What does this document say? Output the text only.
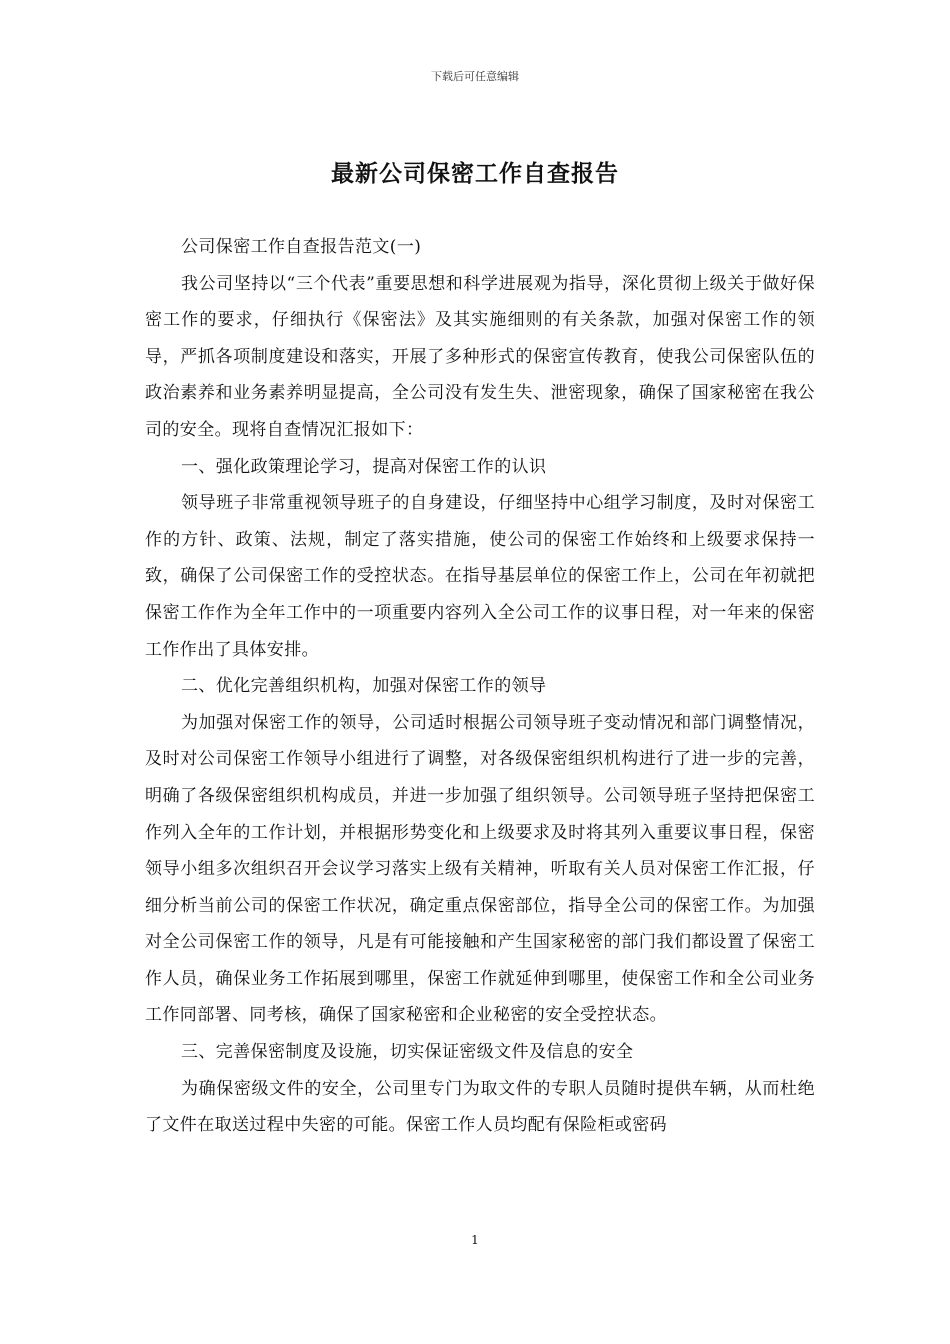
下载后可任意编辑
最新公司保密工作自查报告

公司保密工作自查报告范文(一)

我公司坚持以“三个代表”重要思想和科学进展观为指导，深化贯彻上级关于做好保密工作的要求，仔细执行《保密法》及其实施细则的有关条款，加强对保密工作的领导，严抓各项制度建设和落实，开展了多种形式的保密宣传教育，使我公司保密队伍的政治素养和业务素养明显提高，全公司没有发生失、泄密现象，确保了国家秘密在我公司的安全。现将自查情况汇报如下：

一、强化政策理论学习，提高对保密工作的认识

领导班子非常重视领导班子的自身建设，仔细坚持中心组学习制度，及时对保密工作的方针、政策、法规，制定了落实措施，使公司的保密工作始终和上级要求保持一致，确保了公司保密工作的受控状态。在指导基层单位的保密工作上，公司在年初就把保密工作作为全年工作中的一项重要内容列入全公司工作的议事日程，对一年来的保密工作作出了具体安排。

二、优化完善组织机构，加强对保密工作的领导

为加强对保密工作的领导，公司适时根据公司领导班子变动情况和部门调整情况，及时对公司保密工作领导小组进行了调整，对各级保密组织机构进行了进一步的完善，明确了各级保密组织机构成员，并进一步加强了组织领导。公司领导班子坚持把保密工作列入全年的工作计划，并根据形势变化和上级要求及时将其列入重要议事日程，保密领导小组多次组织召开会议学习落实上级有关精神，听取有关人员对保密工作汇报，仔细分析当前公司的保密工作状况，确定重点保密部位，指导全公司的保密工作。为加强对全公司保密工作的领导，凡是有可能接触和产生国家秘密的部门我们都设置了保密工作人员，确保业务工作拓展到哪里，保密工作就延伸到哪里，使保密工作和全公司业务工作同部署、同考核，确保了国家秘密和企业秘密的安全受控状态。

三、完善保密制度及设施，切实保证密级文件及信息的安全

为确保密级文件的安全，公司里专门为取文件的专职人员随时提供车辆，从而杜绝了文件在取送过程中失密的可能。保密工作人员均配有保险柜或密码

1
